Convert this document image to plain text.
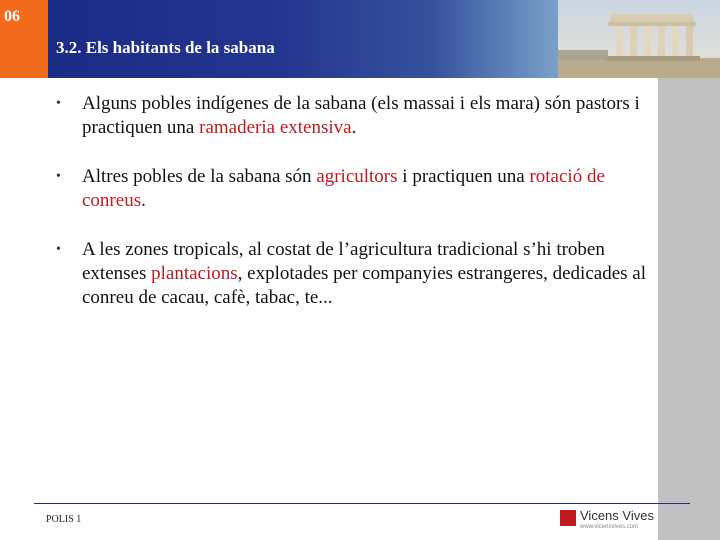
06
3.2. Els habitants de la sabana
• Alguns pobles indígenes de la sabana (els massai i els mara) són pastors i practiquen una ramaderia extensiva.
• Altres pobles de la sabana són agricultors i practiquen una rotació de conreus.
• A les zones tropicals, al costat de l’agricultura tradicional s’hi troben extenses plantacions, explotades per companyies estrangeres, dedicades al conreu de cacau, cafè, tabac, te...
POLIS 1	Vicens Vives
www.vicensvives.com
